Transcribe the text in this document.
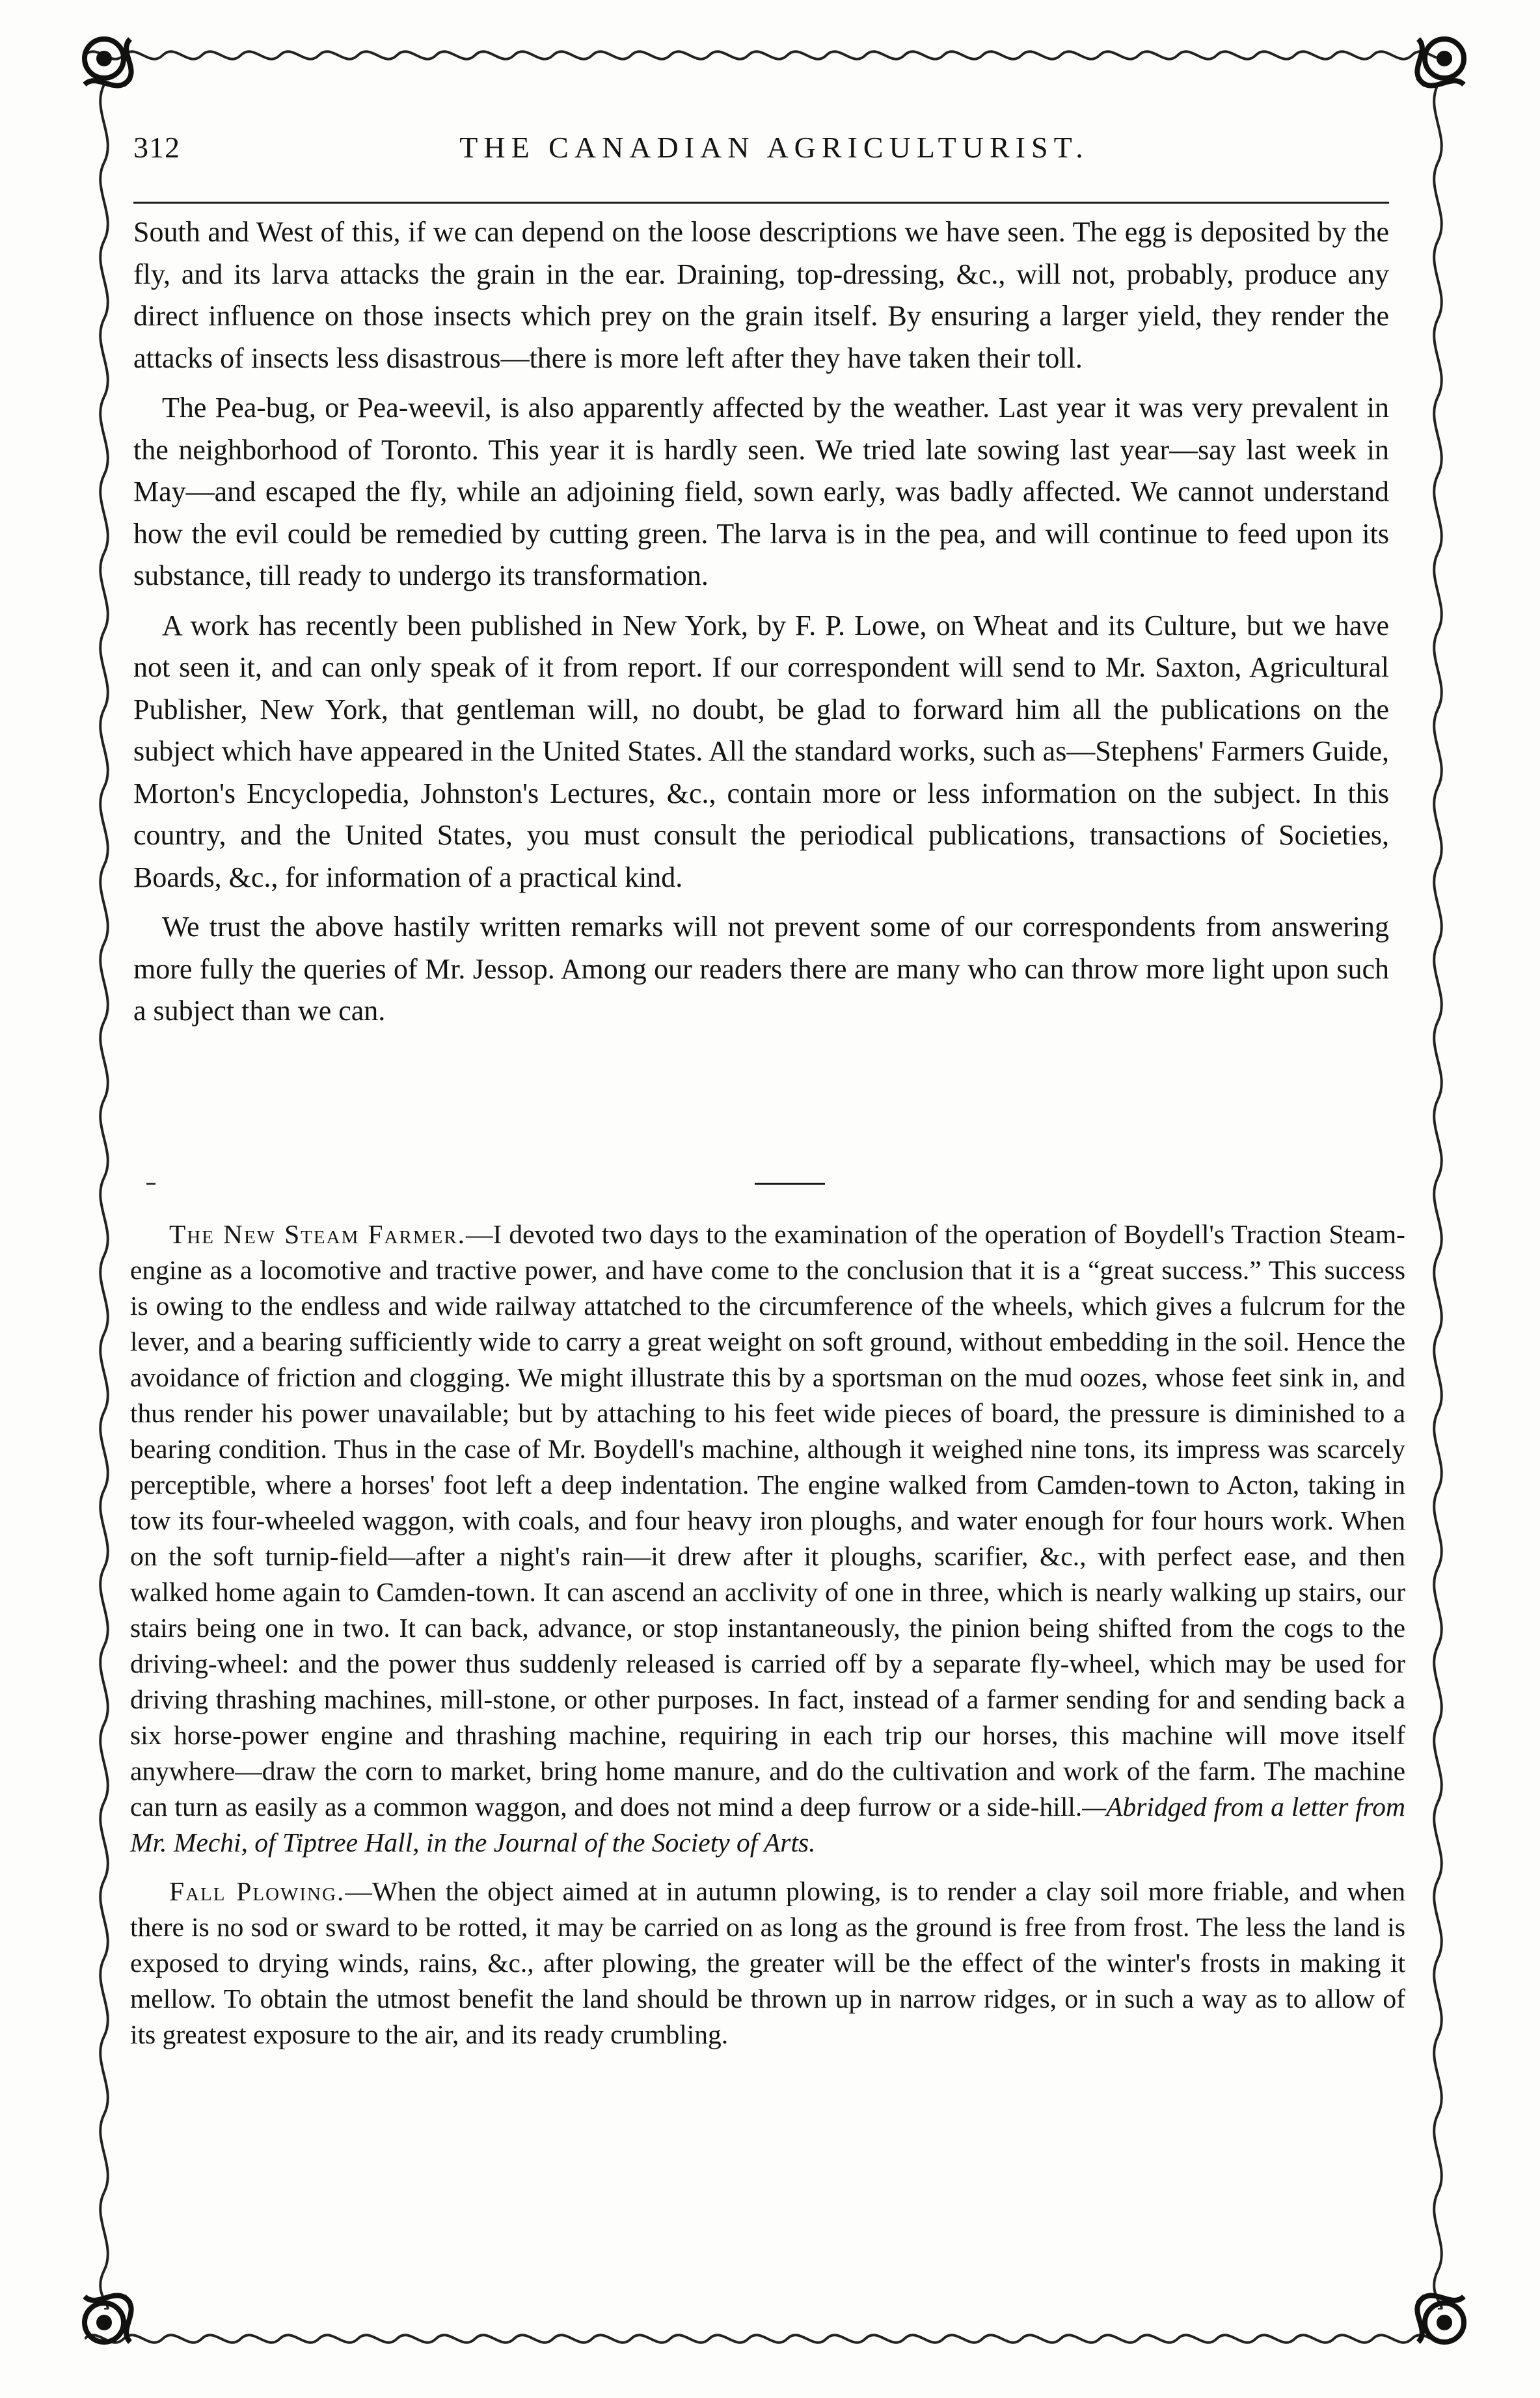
312	THE CANADIAN AGRICULTURIST.

South and West of this, if we can depend on the loose descriptions we have seen. The egg is deposited by the fly, and its larva attacks the grain in the ear. Draining, top-dressing, &c., will not, probably, produce any direct influence on those insects which prey on the grain itself. By ensuring a larger yield, they render the attacks of insects less disastrous—there is more left after they have taken their toll.

The Pea-bug, or Pea-weevil, is also apparently affected by the weather. Last year it was very prevalent in the neighborhood of Toronto. This year it is hardly seen. We tried late sowing last year—say last week in May—and escaped the fly, while an adjoining field, sown early, was badly affected. We cannot understand how the evil could be remedied by cutting green. The larva is in the pea, and will continue to feed upon its substance, till ready to undergo its transformation.

A work has recently been published in New York, by F. P. Lowe, on Wheat and its Culture, but we have not seen it, and can only speak of it from report. If our correspondent will send to Mr. Saxton, Agricultural Publisher, New York, that gentleman will, no doubt, be glad to forward him all the publications on the subject which have appeared in the United States. All the standard works, such as—Stephens' Farmers Guide, Morton's Encyclopedia, Johnston's Lectures, &c., contain more or less information on the subject. In this country, and the United States, you must consult the periodical publications, transactions of Societies, Boards, &c., for information of a practical kind.

We trust the above hastily written remarks will not prevent some of our correspondents from answering more fully the queries of Mr. Jessop. Among our readers there are many who can throw more light upon such a subject than we can.

The New Steam Farmer.—I devoted two days to the examination of the operation of Boydell's Traction Steam-engine as a locomotive and tractive power, and have come to the conclusion that it is a “great success.” This success is owing to the endless and wide railway attatched to the circumference of the wheels, which gives a fulcrum for the lever, and a bearing sufficiently wide to carry a great weight on soft ground, without embedding in the soil. Hence the avoidance of friction and clogging. We might illustrate this by a sportsman on the mud oozes, whose feet sink in, and thus render his power unavailable; but by attaching to his feet wide pieces of board, the pressure is diminished to a bearing condition. Thus in the case of Mr. Boydell's machine, although it weighed nine tons, its impress was scarcely perceptible, where a horses' foot left a deep indentation. The engine walked from Camden-town to Acton, taking in tow its four-wheeled waggon, with coals, and four heavy iron ploughs, and water enough for four hours work. When on the soft turnip-field—after a night's rain—it drew after it ploughs, scarifier, &c., with perfect ease, and then walked home again to Camden-town. It can ascend an acclivity of one in three, which is nearly walking up stairs, our stairs being one in two. It can back, advance, or stop instantaneously, the pinion being shifted from the cogs to the driving-wheel: and the power thus suddenly released is carried off by a separate fly-wheel, which may be used for driving thrashing machines, mill-stone, or other purposes. In fact, instead of a farmer sending for and sending back a six horse-power engine and thrashing machine, requiring in each trip our horses, this machine will move itself anywhere—draw the corn to market, bring home manure, and do the cultivation and work of the farm. The machine can turn as easily as a common waggon, and does not mind a deep furrow or a side-hill.—Abridged from a letter from Mr. Mechi, of Tiptree Hall, in the Journal of the Society of Arts.

Fall Plowing.—When the object aimed at in autumn plowing, is to render a clay soil more friable, and when there is no sod or sward to be rotted, it may be carried on as long as the ground is free from frost. The less the land is exposed to drying winds, rains, &c., after plowing, the greater will be the effect of the winter's frosts in making it mellow. To obtain the utmost benefit the land should be thrown up in narrow ridges, or in such a way as to allow of its greatest exposure to the air, and its ready crumbling.
